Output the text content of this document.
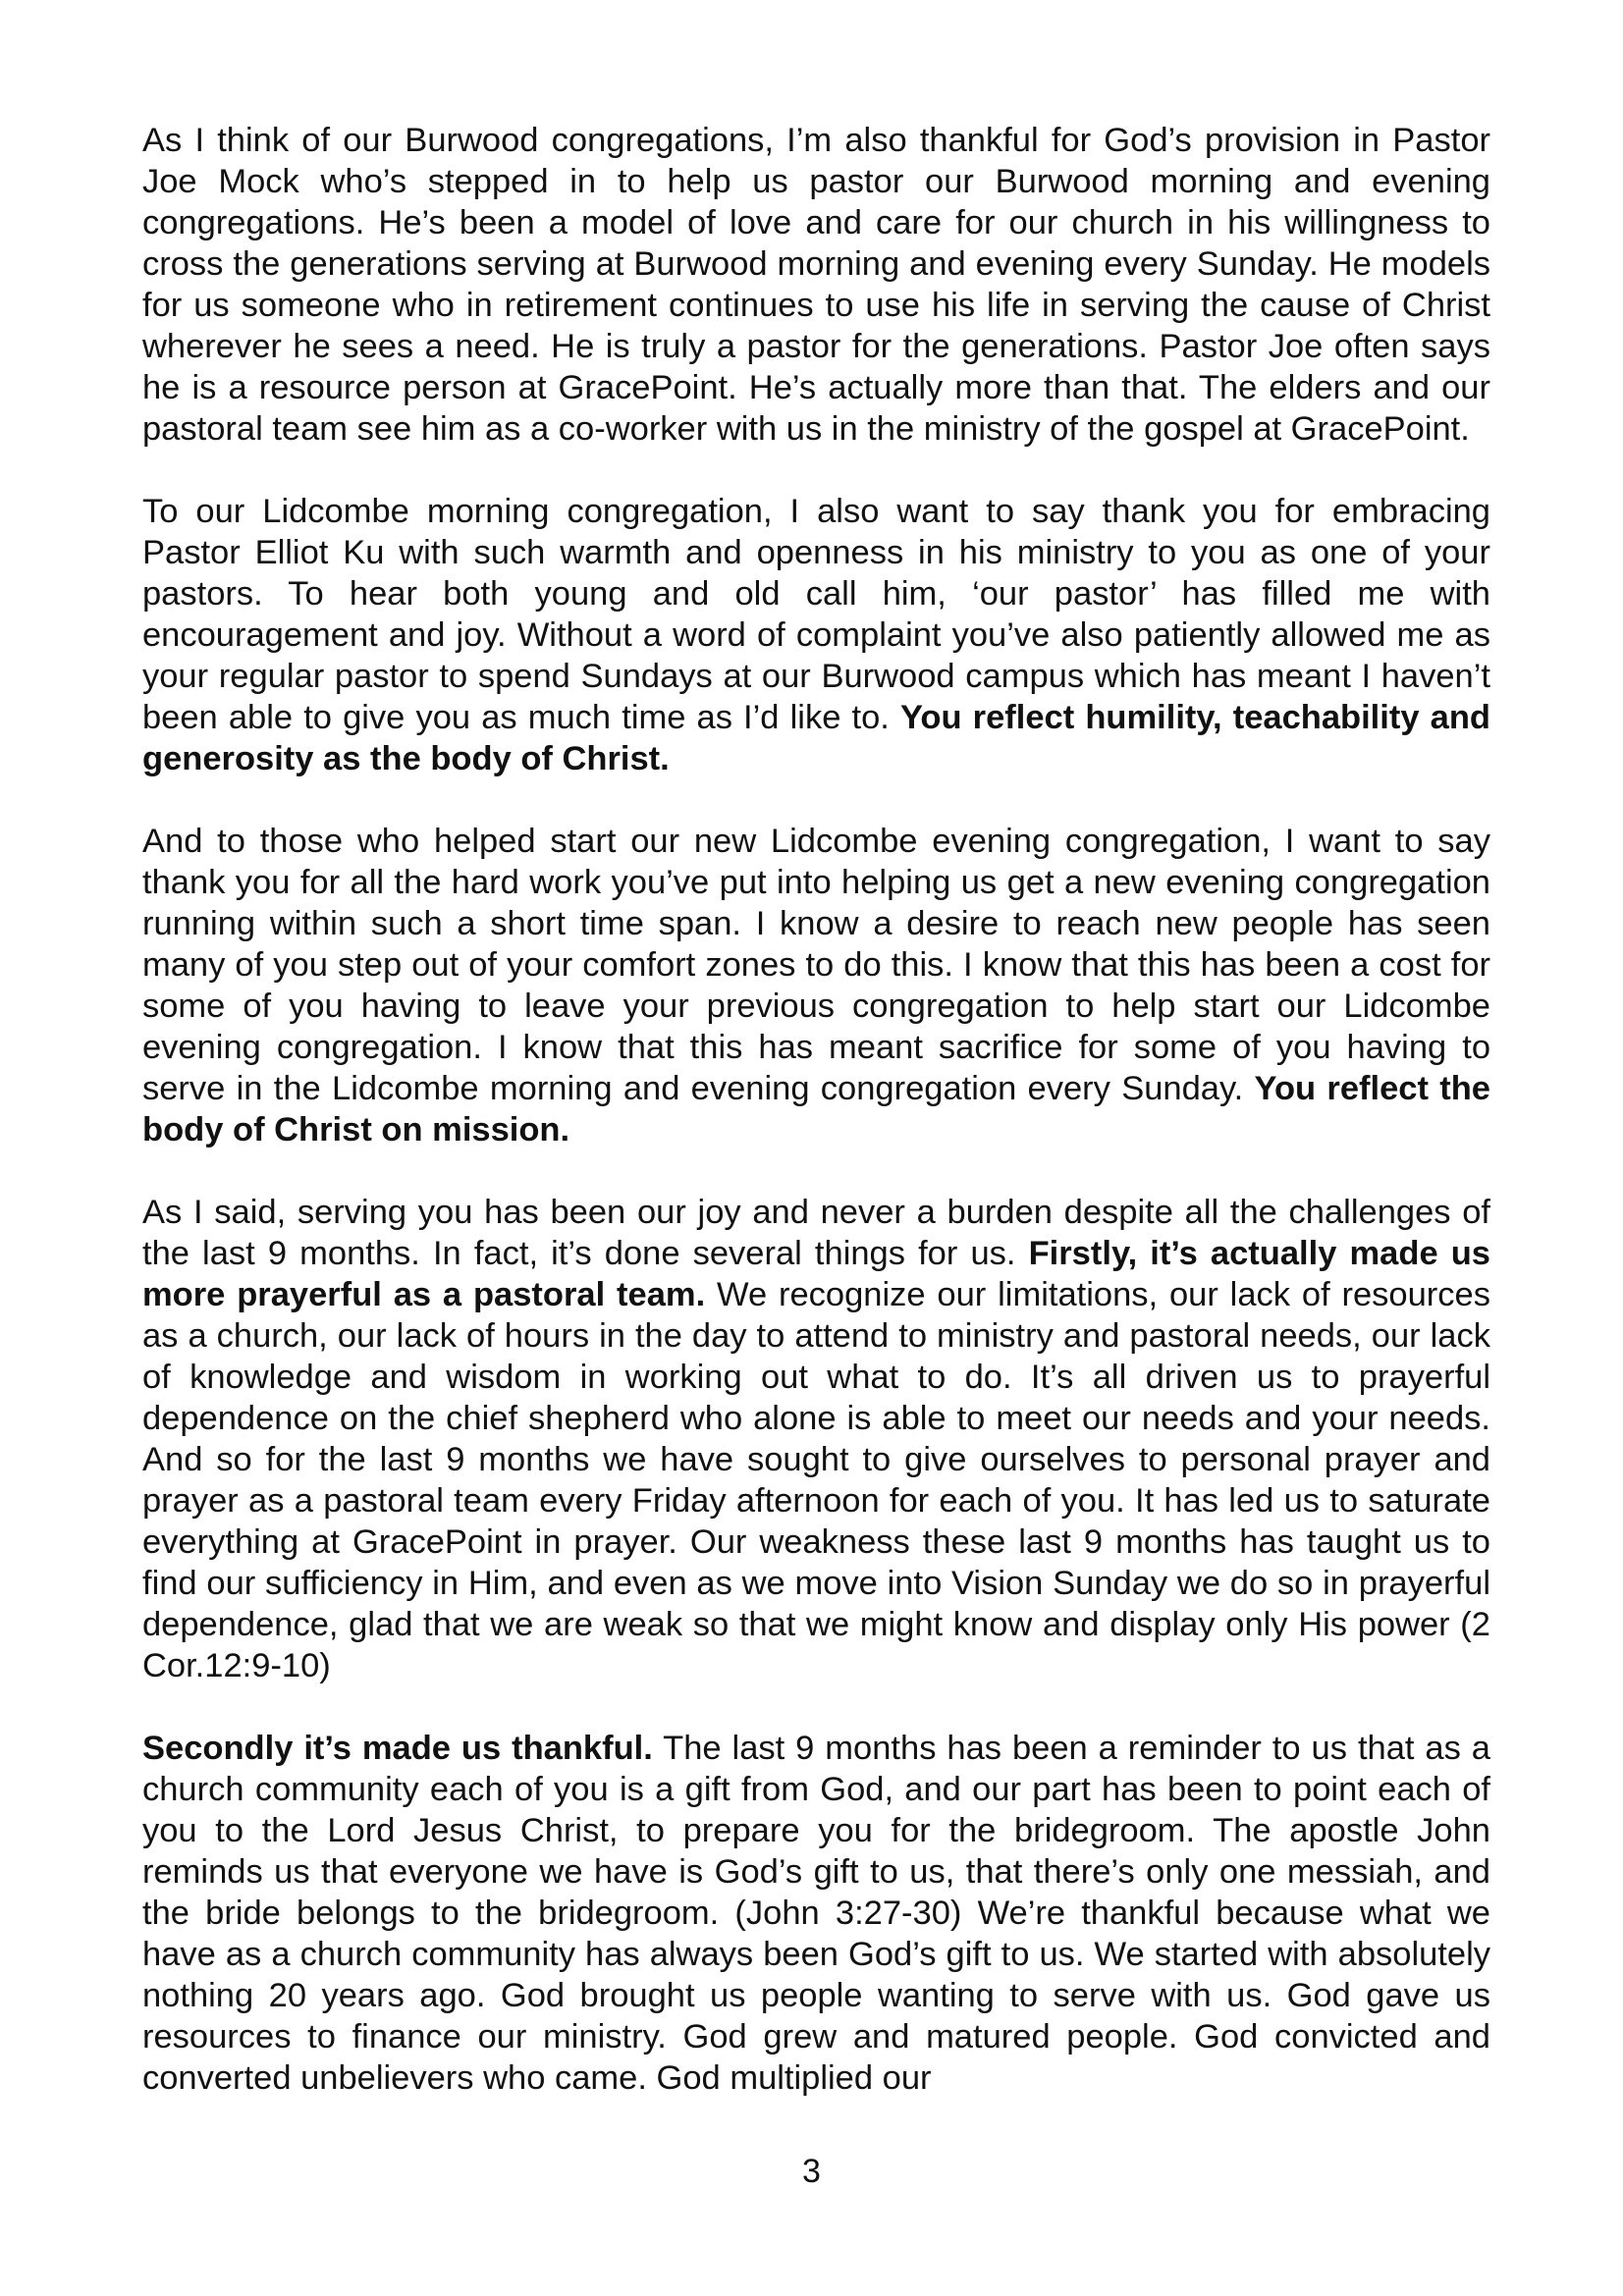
As I think of our Burwood congregations, I’m also thankful for God’s provision in Pastor Joe Mock who’s stepped in to help us pastor our Burwood morning and evening congregations. He’s been a model of love and care for our church in his willingness to cross the generations serving at Burwood morning and evening every Sunday. He models for us someone who in retirement continues to use his life in serving the cause of Christ wherever he sees a need. He is truly a pastor for the generations. Pastor Joe often says he is a resource person at GracePoint. He’s actually more than that. The elders and our pastoral team see him as a co-worker with us in the ministry of the gospel at GracePoint.

To our Lidcombe morning congregation, I also want to say thank you for embracing Pastor Elliot Ku with such warmth and openness in his ministry to you as one of your pastors. To hear both young and old call him, ‘our pastor’ has filled me with encouragement and joy. Without a word of complaint you’ve also patiently allowed me as your regular pastor to spend Sundays at our Burwood campus which has meant I haven’t been able to give you as much time as I’d like to. You reflect humility, teachability and generosity as the body of Christ.

And to those who helped start our new Lidcombe evening congregation, I want to say thank you for all the hard work you’ve put into helping us get a new evening congregation running within such a short time span. I know a desire to reach new people has seen many of you step out of your comfort zones to do this. I know that this has been a cost for some of you having to leave your previous congregation to help start our Lidcombe evening congregation. I know that this has meant sacrifice for some of you having to serve in the Lidcombe morning and evening congregation every Sunday. You reflect the body of Christ on mission.

As I said, serving you has been our joy and never a burden despite all the challenges of the last 9 months. In fact, it’s done several things for us. Firstly, it’s actually made us more prayerful as a pastoral team. We recognize our limitations, our lack of resources as a church, our lack of hours in the day to attend to ministry and pastoral needs, our lack of knowledge and wisdom in working out what to do. It’s all driven us to prayerful dependence on the chief shepherd who alone is able to meet our needs and your needs. And so for the last 9 months we have sought to give ourselves to personal prayer and prayer as a pastoral team every Friday afternoon for each of you. It has led us to saturate everything at GracePoint in prayer. Our weakness these last 9 months has taught us to find our sufficiency in Him, and even as we move into Vision Sunday we do so in prayerful dependence, glad that we are weak so that we might know and display only His power (2 Cor.12:9-10)

Secondly it’s made us thankful. The last 9 months has been a reminder to us that as a church community each of you is a gift from God, and our part has been to point each of you to the Lord Jesus Christ, to prepare you for the bridegroom. The apostle John reminds us that everyone we have is God’s gift to us, that there’s only one messiah, and the bride belongs to the bridegroom. (John 3:27-30) We’re thankful because what we have as a church community has always been God’s gift to us. We started with absolutely nothing 20 years ago. God brought us people wanting to serve with us. God gave us resources to finance our ministry. God grew and matured people. God convicted and converted unbelievers who came. God multiplied our

3
